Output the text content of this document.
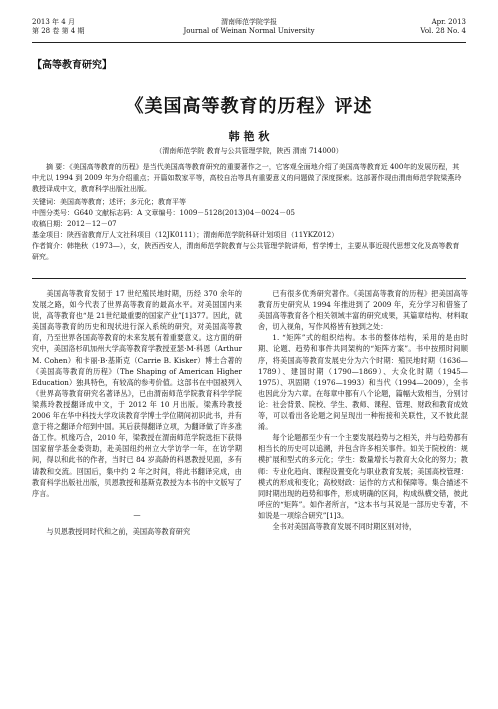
2013 年 4 月
第 28 卷 第 4 期
渭南师范学院学报
Journal of Weinan Normal University
Apr. 2013
Vol. 28 No. 4
【高等教育研究】
《美国高等教育的历程》评述
韩 艳 秋
（渭南师范学院 教育与公共管理学院，陕西 渭南 714000）

摘 要：《美国高等教育的历程》是当代美国高等教育研究的重要著作之一，它客观全面地介绍了美国高等教育近 400年的发展历程，其中尤以 1994 到 2009 年为介绍重点；开篇如数家平等，高校自治等具有重要意义的问题做了深度探索。这部著作现由渭南师范学院梁燕玲教授译成中文，教育科学出版社出版。

关键词：美国高等教育；述评；多元化；教育平等
中图分类号：G640 文献标志码：A 文章编号：1009－5128(2013)04－0024－05
收稿日期：2012－12－07
基金项目：陕西省教育厅人文社科项目（12JK0111）；渭南师范学院科研计划项目（11YKZ012）
作者简介：韩艳秋（1973—），女，陕西西安人，渭南师范学院教育与公共管理学院讲师，哲学博士，主要从事近现代思想文化及高等教育研究。

美国高等教育发韧于 17 世纪殖民地时期，历经 370 余年的发展之路，如今代表了世界高等教育的最高水平。对美国国内来说，高等教育也“是 21世纪最重要的国家产业”[1]377。因此，就美国高等教育的历史和现状进行深入系统的研究，对美国高等教育，乃至世界各国高等教育的未来发展有着重要意义。这方面的研究中，美国洛杉矶加州大学高等教育学教授亚瑟·M·科恩（Arthur M. Cohen）和卡丽·B·基斯克（Carrie B. Kisker）博士合著的《美国高等教育的历程》（The Shaping of American Higher Education）独具特色，有较高的参考价值。这部书在中国被列入《世界高等教育研究名著译丛》，已由渭南师范学院教育科学学院梁燕玲教授翻译成中文，于 2012 年 10 月出版。梁燕玲教授 2006 年在华中科技大学攻读教育学博士学位期间初识此书，并有意于将之翻译介绍到中国。其后获得翻译立项，为翻译做了许多准备工作。机缘巧合，2010 年，梁教授在渭南师范学院选拒下获得国家留学基金委资助，赴美国纽约州立大学访学一年，在访学期间，得以和此书的作者，当时已 84 岁高龄的科恩教授见面，多有请教和交流。回国后，集中约 2 年之时间，将此书翻译完成，由教育科学出版社出版，贝恩教授和基斯克教授为本书的中文版写了序言。

—

与贝恩教授同时代和之前，美国高等教育研究

已有很多优秀研究著作。《美国高等教育的历程》把美国高等教育历史研究从 1994 年推进到了 2009 年，充分学习和借鉴了美国高等教育各个相关领域丰富的研究成果，其篇章结构、材料取舍，切入视角，写作风格皆有独到之处：

1. “矩阵”式的组织结构。本书的整体结构，采用的是由时期、论题、趋势和事件共同架构的“矩阵方案”。书中按照时间顺序，将美国高等教育发展史分为六个时期：殖民地时期（1636—1789）、建国时期（1790—1869）、大众化时期（1945—1975）、巩固期（1976—1993）和当代（1994—2009），全书也因此分为六章。在每章中都有八个论题，篇幅大致相当，分别讨论：社会背景、院校、学生、教师、课程、管理、财政和教育成效等，可以看出各论题之间呈现出一种衔接和关联性，又不彼此混淆。

每个论题都至少有一个主要发展趋势与之相关，并与趋势都有相当长的历史可以追溯，并包含许多相关事件。如关于院校的：规模扩展和型式的多元化；学生：数量增长与教育大众化的努力；教师：专业化趋向、课程设置变化与职业教育发展；美国高校管理：模式的形成和变化；高校财政：运作的方式和保障等。集合描述不同时期出现的趋势和事件，形成明确的区间，构成纵横交错，彼此呼应的“矩阵”。如作者所言，“这本书与其说是一部历史专著，不如说是一项综合研究”[1]3。

全书对美国高等教育发展不同时期区别对待，
